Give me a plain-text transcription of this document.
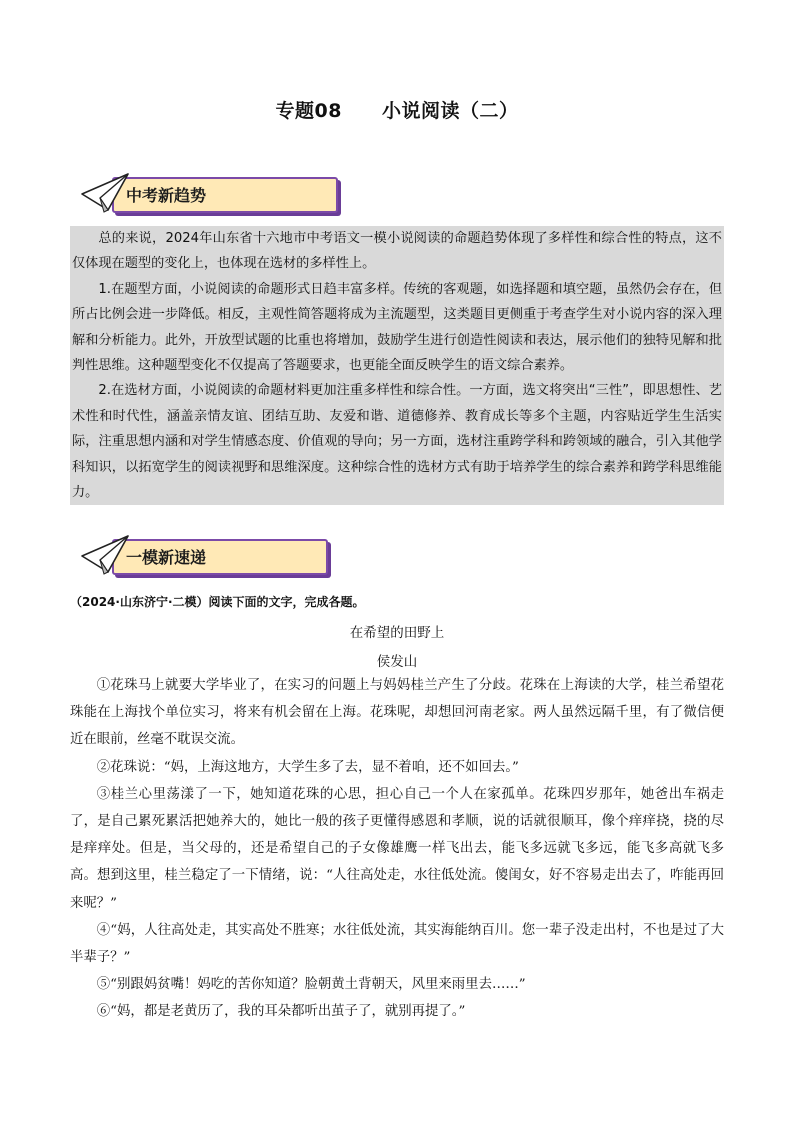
专题08 小说阅读（二）
中考新趋势

总的来说，2024年山东省十六地市中考语文一模小说阅读的命题趋势体现了多样性和综合性的特点，这不仅体现在题型的变化上，也体现在选材的多样性上。

1.在题型方面，小说阅读的命题形式日趋丰富多样。传统的客观题，如选择题和填空题，虽然仍会存在，但所占比例会进一步降低。相反，主观性简答题将成为主流题型，这类题目更侧重于考查学生对小说内容的深入理解和分析能力。此外，开放型试题的比重也将增加，鼓励学生进行创造性阅读和表达，展示他们的独特见解和批判性思维。这种题型变化不仅提高了答题要求，也更能全面反映学生的语文综合素养。

2.在选材方面，小说阅读的命题材料更加注重多样性和综合性。一方面，选文将突出“三性”，即思想性、艺术性和时代性，涵盖亲情友谊、团结互助、友爱和谐、道德修养、教育成长等多个主题，内容贴近学生生活实际，注重思想内涵和对学生情感态度、价值观的导向；另一方面，选材注重跨学科和跨领域的融合，引入其他学科知识，以拓宽学生的阅读视野和思维深度。这种综合性的选材方式有助于培养学生的综合素养和跨学科思维能力。

一模新速递
（2024·山东济宁·二模）阅读下面的文字，完成各题。
在希望的田野上
侯发山

①花珠马上就要大学毕业了，在实习的问题上与妈妈桂兰产生了分歧。花珠在上海读的大学，桂兰希望花珠能在上海找个单位实习，将来有机会留在上海。花珠呢，却想回河南老家。两人虽然远隔千里，有了微信便近在眼前，丝毫不耽误交流。

②花珠说：“妈，上海这地方，大学生多了去，显不着咱，还不如回去。”

③桂兰心里荡漾了一下，她知道花珠的心思，担心自己一个人在家孤单。花珠四岁那年，她爸出车祸走了，是自己累死累活把她养大的，她比一般的孩子更懂得感恩和孝顺，说的话就很顺耳，像个痒痒挠，挠的尽是痒痒处。但是，当父母的，还是希望自己的子女像雄鹰一样飞出去，能飞多远就飞多远，能飞多高就飞多高。想到这里，桂兰稳定了一下情绪，说：“人往高处走，水往低处流。傻闺女，好不容易走出去了，咋能再回来呢？”

④“妈，人往高处走，其实高处不胜寒；水往低处流，其实海能纳百川。您一辈子没走出村，不也是过了大半辈子？”

⑤“别跟妈贫嘴！妈吃的苦你知道？脸朝黄土背朝天，风里来雨里去……”

⑥“妈，都是老黄历了，我的耳朵都听出茧子了，就别再提了。”
